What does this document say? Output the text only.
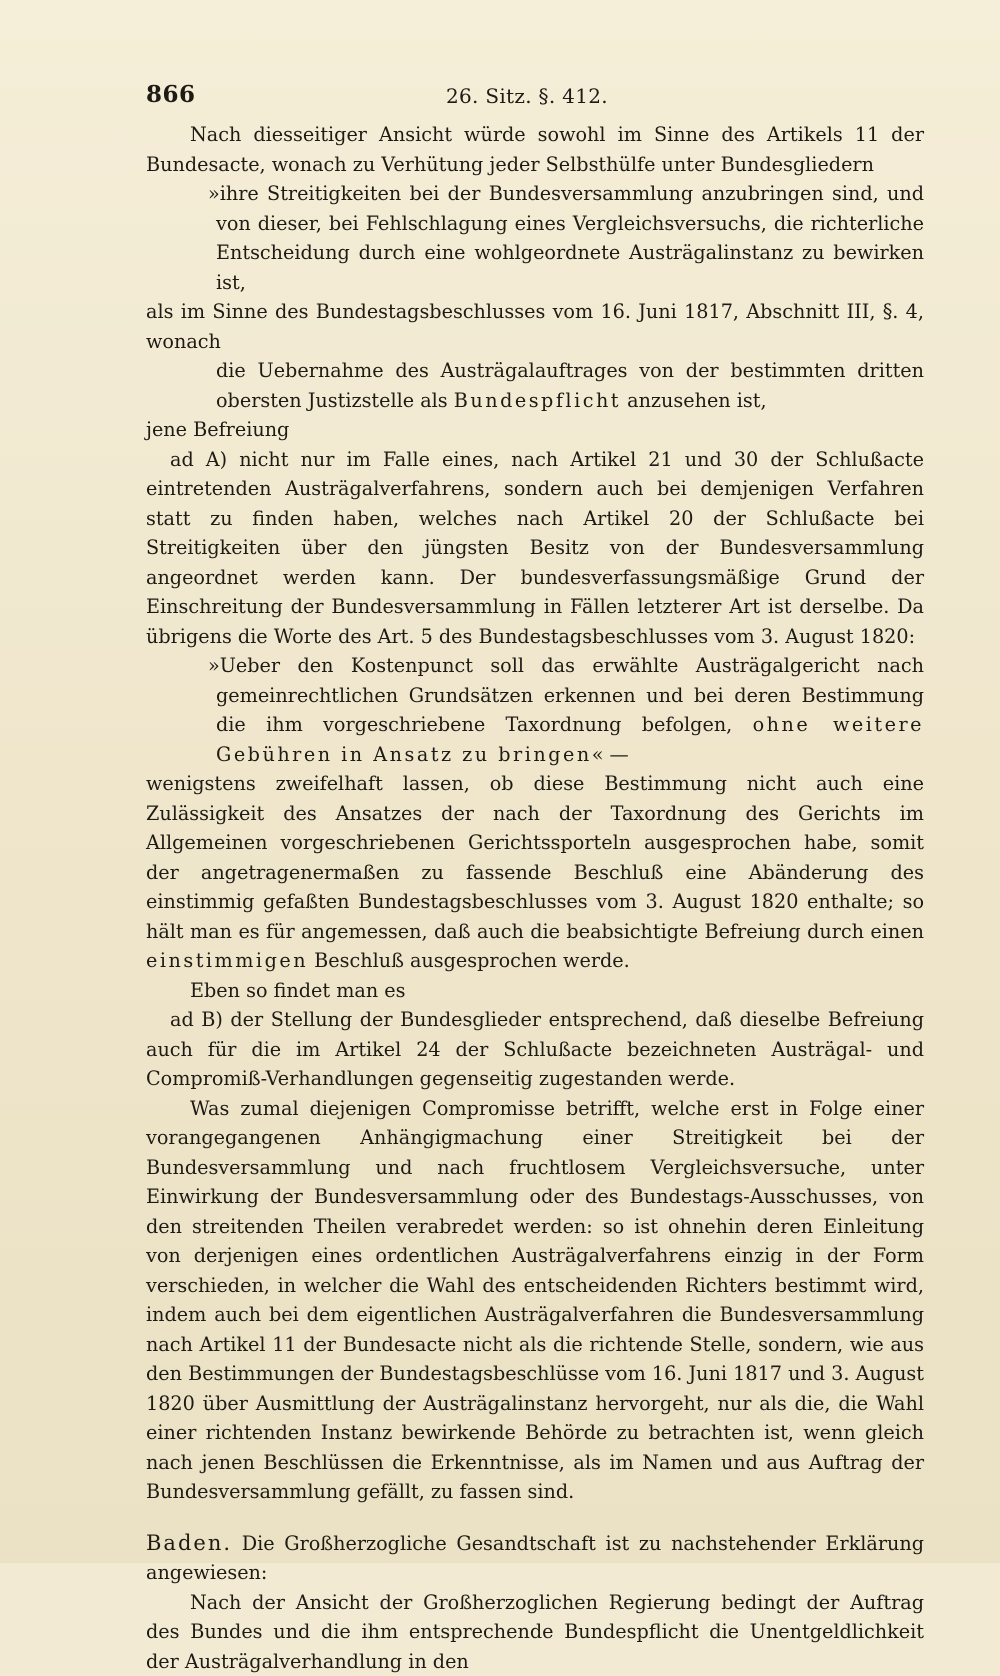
866	26. Sitz. §. 412.

Nach diesseitiger Ansicht würde sowohl im Sinne des Artikels 11 der Bundesacte, wonach zu Verhütung jeder Selbsthülfe unter Bundesgliedern

»ihre Streitigkeiten bei der Bundesversammlung anzubringen sind, und von dieser, bei Fehlschlagung eines Vergleichsversuchs, die richterliche Entscheidung durch eine wohlgeordnete Austrägalinstanz zu bewirken ist,

als im Sinne des Bundestagsbeschlusses vom 16. Juni 1817, Abschnitt III, §. 4, wonach

die Uebernahme des Austrägalauftrages von der bestimmten dritten obersten Justizstelle als Bundespflicht anzusehen ist,

jene Befreiung

ad A) nicht nur im Falle eines, nach Artikel 21 und 30 der Schlußacte eintretenden Austrägalverfahrens, sondern auch bei demjenigen Verfahren statt zu finden haben, welches nach Artikel 20 der Schlußacte bei Streitigkeiten über den jüngsten Besitz von der Bundesversammlung angeordnet werden kann. Der bundesverfassungsmäßige Grund der Einschreitung der Bundesversammlung in Fällen letzterer Art ist derselbe. Da übrigens die Worte des Art. 5 des Bundestagsbeschlusses vom 3. August 1820:

»Ueber den Kostenpunct soll das erwählte Austrägalgericht nach gemeinrechtlichen Grundsätzen erkennen und bei deren Bestimmung die ihm vorgeschriebene Taxordnung befolgen, ohne weitere Gebühren in Ansatz zu bringen« —

wenigstens zweifelhaft lassen, ob diese Bestimmung nicht auch eine Zulässigkeit des Ansatzes der nach der Taxordnung des Gerichts im Allgemeinen vorgeschriebenen Gerichtssporteln ausgesprochen habe, somit der angetragenermaßen zu fassende Beschluß eine Abänderung des einstimmig gefaßten Bundestagsbeschlusses vom 3. August 1820 enthalte; so hält man es für angemessen, daß auch die beabsichtigte Befreiung durch einen einstimmigen Beschluß ausgesprochen werde.

Eben so findet man es

ad B) der Stellung der Bundesglieder entsprechend, daß dieselbe Befreiung auch für die im Artikel 24 der Schlußacte bezeichneten Austrägal- und Compromiß-Verhandlungen gegenseitig zugestanden werde.

Was zumal diejenigen Compromisse betrifft, welche erst in Folge einer vorangegangenen Anhängigmachung einer Streitigkeit bei der Bundesversammlung und nach fruchtlosem Vergleichsversuche, unter Einwirkung der Bundesversammlung oder des Bundestags-Ausschusses, von den streitenden Theilen verabredet werden: so ist ohnehin deren Einleitung von derjenigen eines ordentlichen Austrägalverfahrens einzig in der Form verschieden, in welcher die Wahl des entscheidenden Richters bestimmt wird, indem auch bei dem eigentlichen Austrägalverfahren die Bundesversammlung nach Artikel 11 der Bundesacte nicht als die richtende Stelle, sondern, wie aus den Bestimmungen der Bundestagsbeschlüsse vom 16. Juni 1817 und 3. August 1820 über Ausmittlung der Austrägalinstanz hervorgeht, nur als die, die Wahl einer richtenden Instanz bewirkende Behörde zu betrachten ist, wenn gleich nach jenen Beschlüssen die Erkenntnisse, als im Namen und aus Auftrag der Bundesversammlung gefällt, zu fassen sind.

Baden. Die Großherzogliche Gesandtschaft ist zu nachstehender Erklärung angewiesen:

Nach der Ansicht der Großherzoglichen Regierung bedingt der Auftrag des Bundes und die ihm entsprechende Bundespflicht die Unentgeldlichkeit der Austrägalverhandlung in den
